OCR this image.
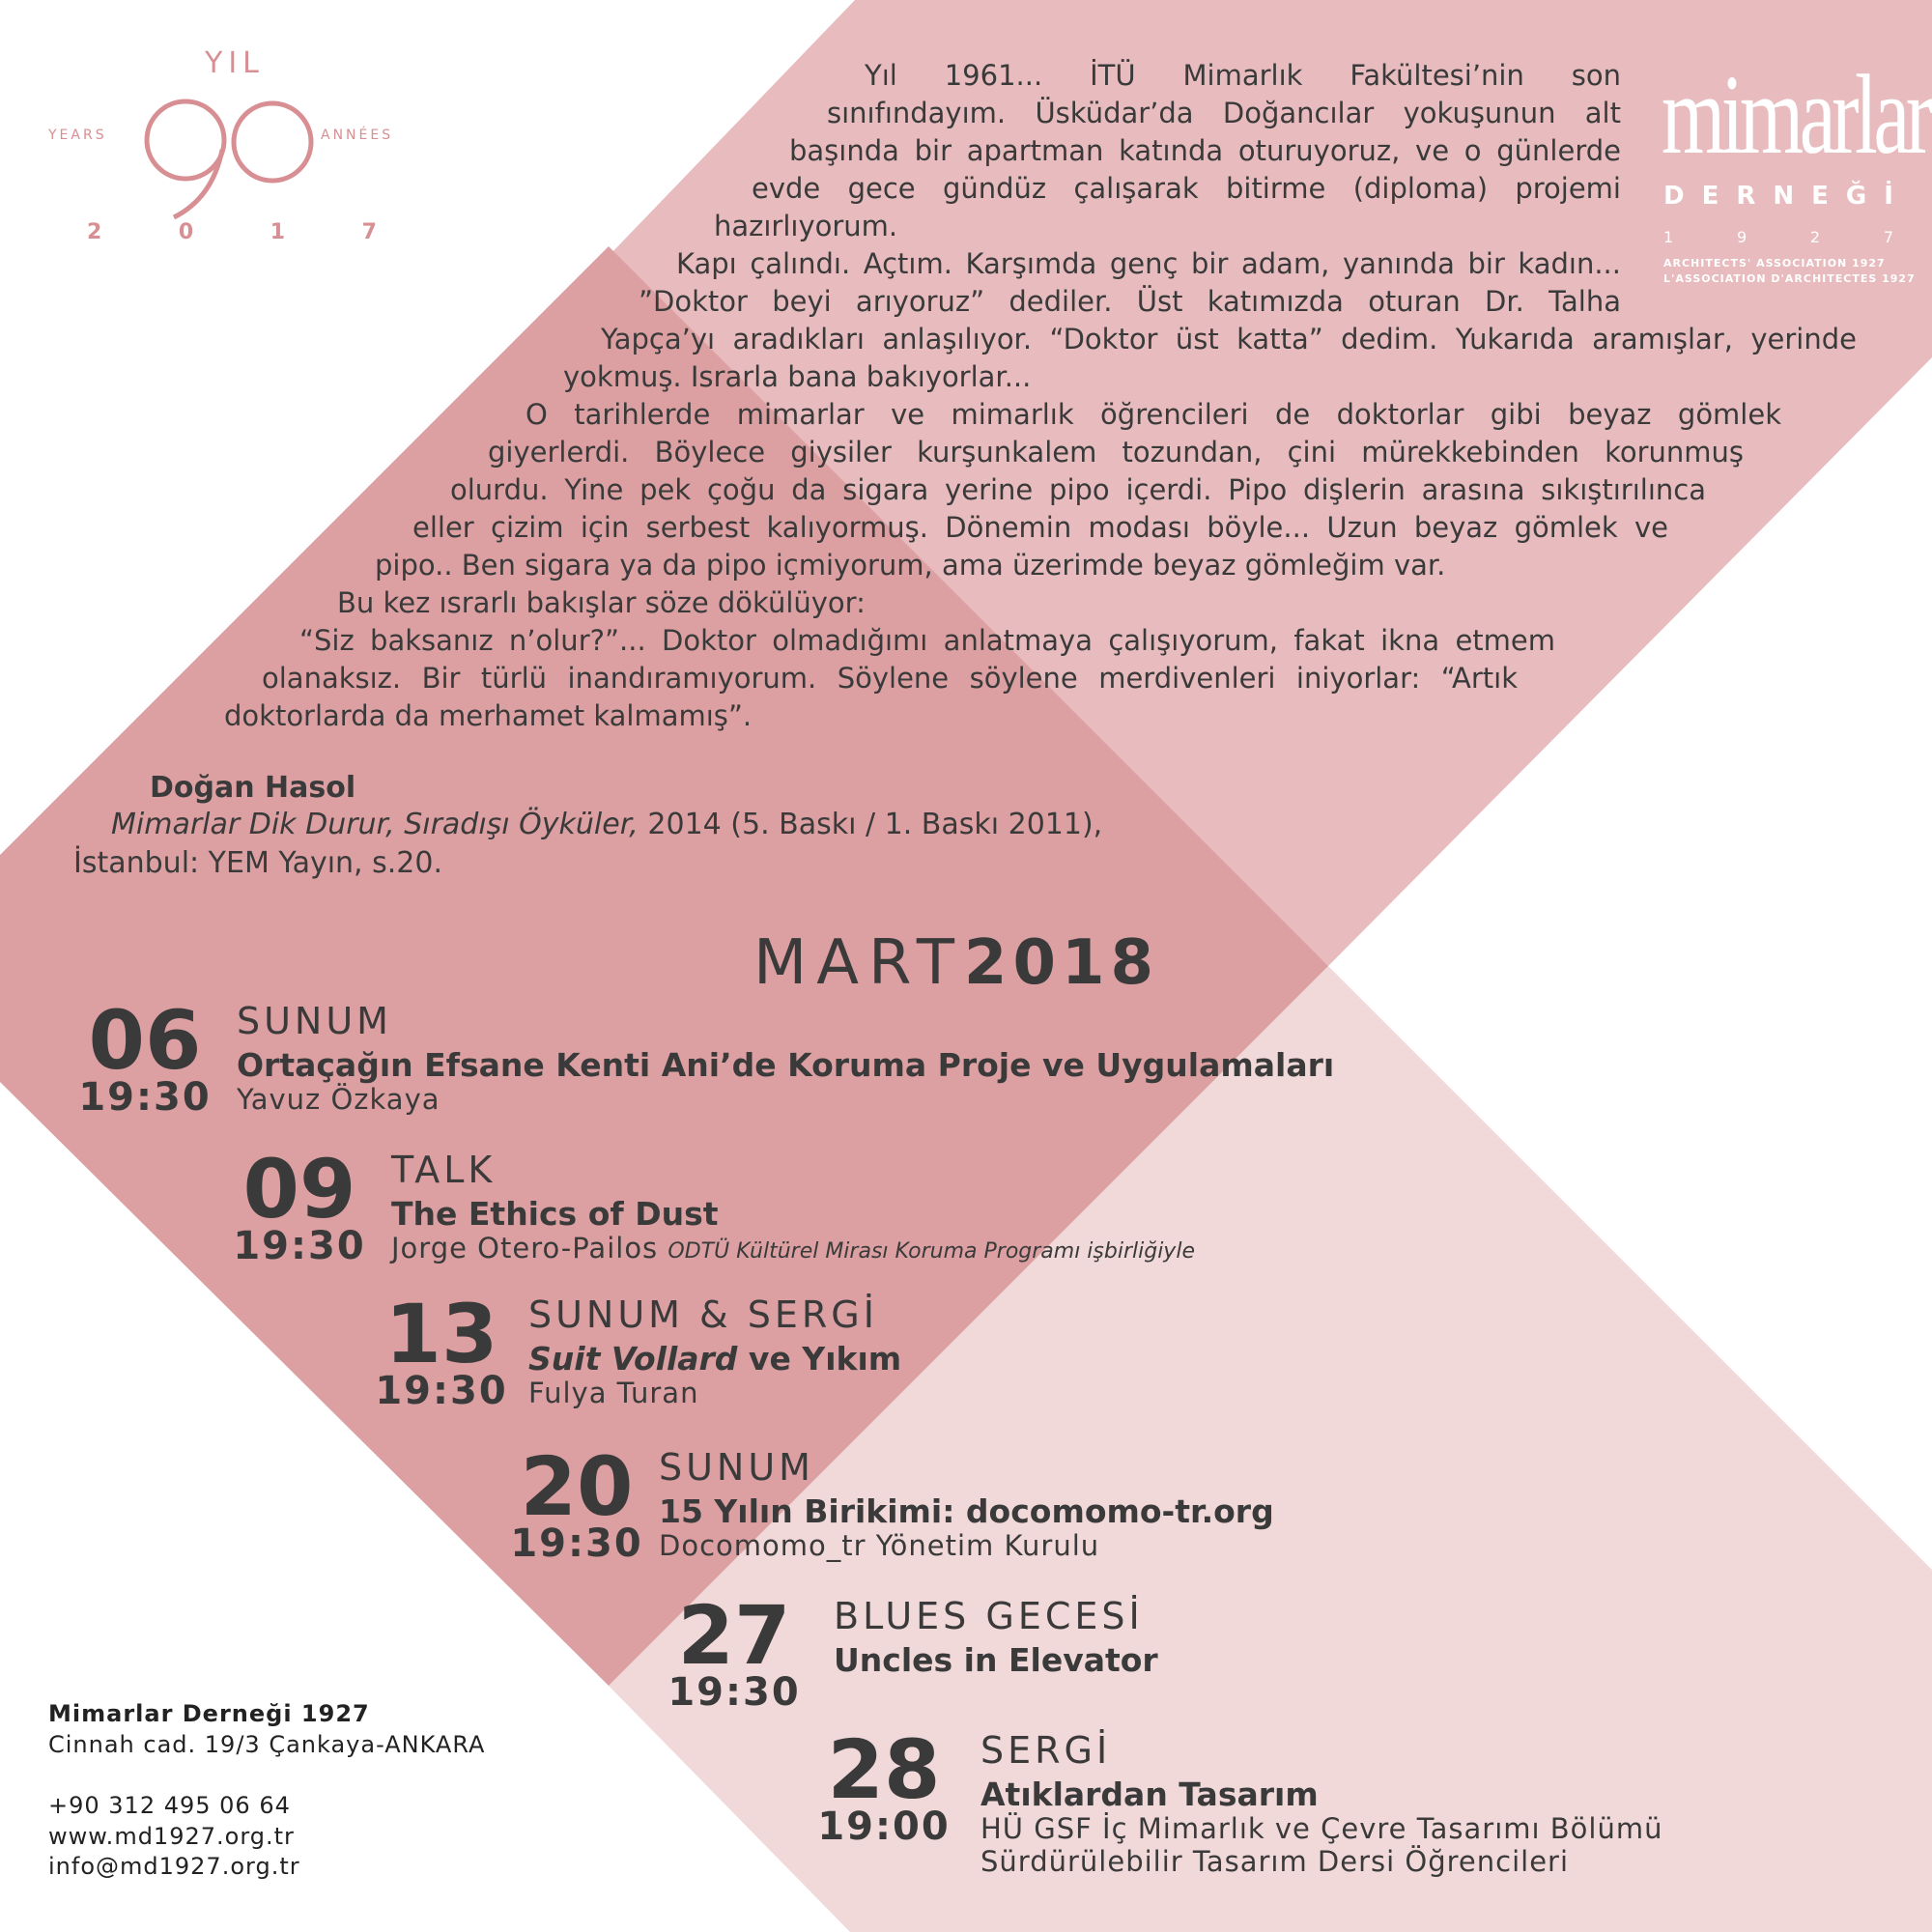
YIL
YEARS	ANNÉES
2	0	1	7
mimarlar
D E R N E Ğ İ
1	9	2	7
ARCHITECTS' ASSOCIATION 1927
L'ASSOCIATION D'ARCHITECTES 1927
Yıl 1961... İTÜ Mimarlık Fakültesi’nin son
sınıfındayım. Üsküdar’da Doğancılar yokuşunun alt
başında bir apartman katında oturuyoruz, ve o günlerde
evde gece gündüz çalışarak bitirme (diploma) projemi
hazırlıyorum.
Kapı çalındı. Açtım. Karşımda genç bir adam, yanında bir kadın...
”Doktor beyi arıyoruz” dediler. Üst katımızda oturan Dr. Talha
Yapça’yı aradıkları anlaşılıyor. “Doktor üst katta” dedim. Yukarıda aramışlar, yerinde
yokmuş. Israrla bana bakıyorlar...
O tarihlerde mimarlar ve mimarlık öğrencileri de doktorlar gibi beyaz gömlek
giyerlerdi. Böylece giysiler kurşunkalem tozundan, çini mürekkebinden korunmuş
olurdu. Yine pek çoğu da sigara yerine pipo içerdi. Pipo dişlerin arasına sıkıştırılınca
eller çizim için serbest kalıyormuş. Dönemin modası böyle... Uzun beyaz gömlek ve
pipo.. Ben sigara ya da pipo içmiyorum, ama üzerimde beyaz gömleğim var.
Bu kez ısrarlı bakışlar söze dökülüyor:
“Siz baksanız n’olur?”... Doktor olmadığımı anlatmaya çalışıyorum, fakat ikna etmem
olanaksız. Bir türlü inandıramıyorum. Söylene söylene merdivenleri iniyorlar: “Artık
doktorlarda da merhamet kalmamış”.
Doğan Hasol
Mimarlar Dik Durur, Sıradışı Öyküler, 2014 (5. Baskı / 1. Baskı 2011),
İstanbul: YEM Yayın, s.20.
MART2018
06
19:30
SUNUM
Ortaçağın Efsane Kenti Ani’de Koruma Proje ve Uygulamaları
Yavuz Özkaya
09
19:30
TALK
The Ethics of Dust
Jorge Otero-Pailos ODTÜ Kültürel Mirası Koruma Programı işbirliğiyle
13
19:30
SUNUM & SERGİ
Suit Vollard ve Yıkım
Fulya Turan
20
19:30
SUNUM
15 Yılın Birikimi: docomomo-tr.org
Docomomo_tr Yönetim Kurulu
27
19:30
BLUES GECESİ
Uncles in Elevator
28
19:00
SERGİ
Atıklardan Tasarım
HÜ GSF İç Mimarlık ve Çevre Tasarımı Bölümü
Sürdürülebilir Tasarım Dersi Öğrencileri
Mimarlar Derneği 1927
Cinnah cad. 19/3 Çankaya-ANKARA
+90 312 495 06 64
www.md1927.org.tr
info@md1927.org.tr
